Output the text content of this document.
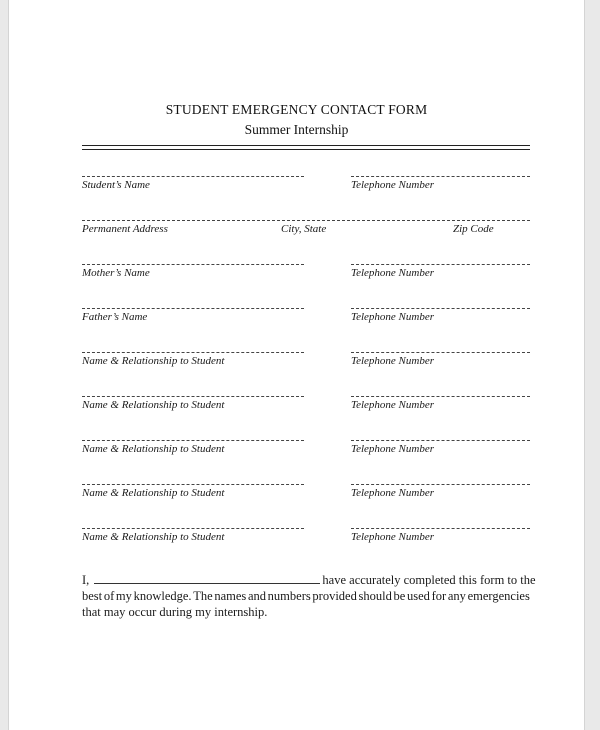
STUDENT EMERGENCY CONTACT FORM
Summer Internship
Student’s Name	Telephone Number
Permanent Address	City, State	Zip Code
Mother’s Name	Telephone Number
Father’s Name	Telephone Number
Name & Relationship to Student	Telephone Number
Name & Relationship to Student	Telephone Number
Name & Relationship to Student	Telephone Number
Name & Relationship to Student	Telephone Number
Name & Relationship to Student	Telephone Number
I,	have accurately completed this form to the
best of my knowledge. The names and numbers provided should be used for any emergencies
that may occur during my internship.
